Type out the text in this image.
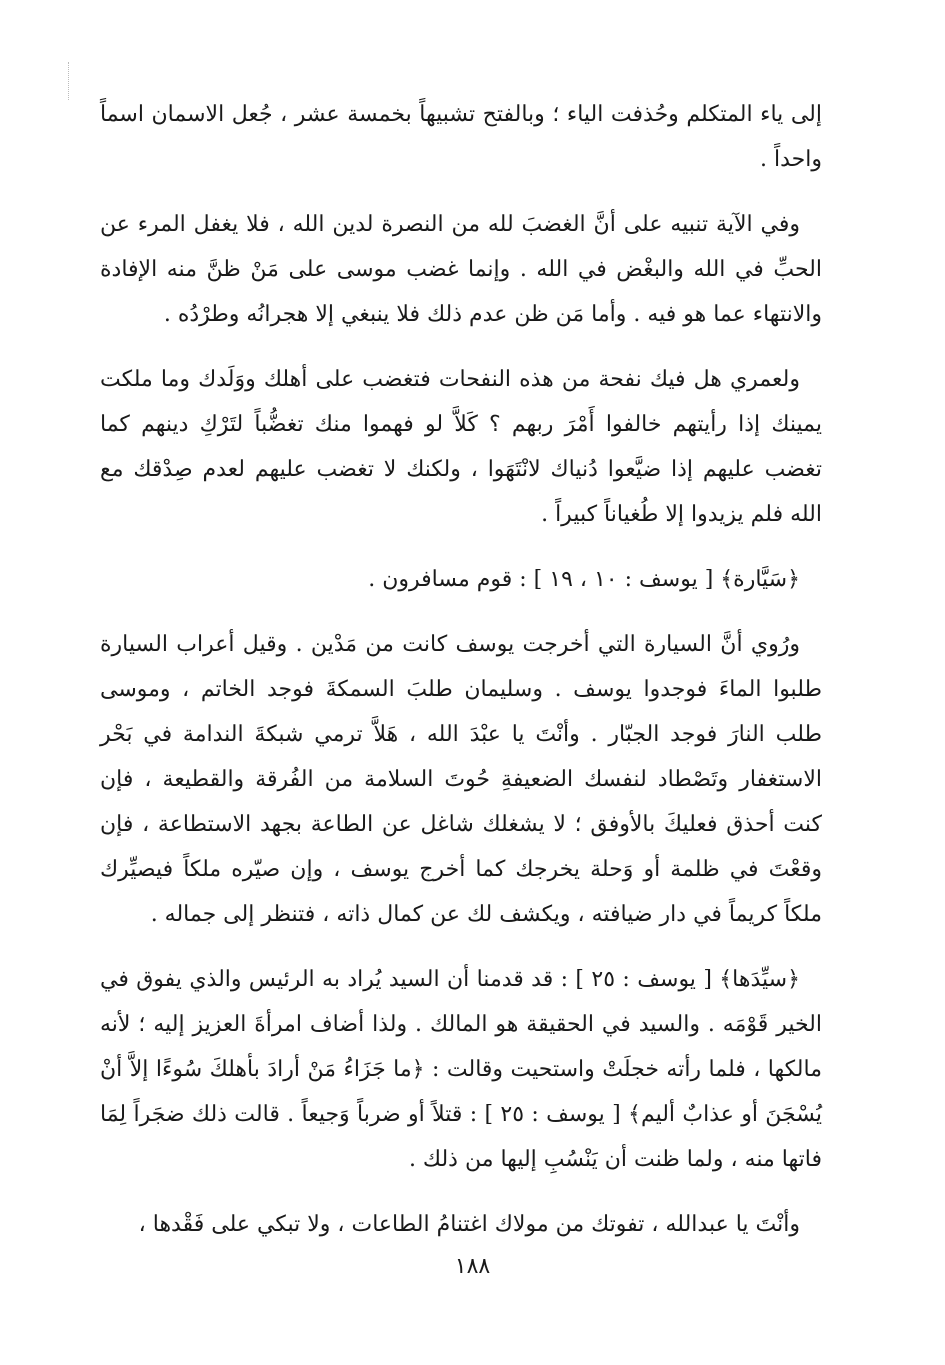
إلى ياء المتكلم وحُذفت الياء ؛ وبالفتح تشبيهاً بخمسة عشر ، جُعل الاسمان اسماً واحداً .

وفي الآية تنبيه على أنَّ الغضبَ لله من النصرة لدين الله ، فلا يغفل المرء عن الحبِّ في الله والبغْض في الله . وإنما غضب موسى على مَنْ ظنَّ منه الإفادة والانتهاء عما هو فيه . وأما مَن ظن عدم ذلك فلا ينبغي إلا هجرانُه وطرْدُه .

ولعمري هل فيك نفحة من هذه النفحات فتغضب على أهلك ووَلَدك وما ملكت يمينك إذا رأيتهم خالفوا أَمْرَ ربهم ؟ كَلاَّ لو فهموا منك تغضُّباً لتَرْكِ دينهم كما تغضب عليهم إذا ضيَّعوا دُنياك لانْتَهَوا ، ولكنك لا تغضب عليهم لعدم صِدْقك مع الله فلم يزيدوا إلا طُغياناً كبيراً .

﴿سَيَّارة﴾ [ يوسف : ١٠ ، ١٩ ] : قوم مسافرون .

ورُوي أنَّ السيارة التي أخرجت يوسف كانت من مَدْين . وقيل أعراب السيارة طلبوا الماءَ فوجدوا يوسف . وسليمان طلبَ السمكةَ فوجد الخاتم ، وموسى طلب النارَ فوجد الجبّار . وأنْتَ يا عبْدَ الله ، هَلاَّ ترمي شبكةَ الندامة في بَحْر الاستغفار وتَصْطاد لنفسك الضعيفةِ حُوتَ السلامة من الفُرقة والقطيعة ، فإن كنت أحذق فعليكَ بالأوفق ؛ لا يشغلك شاغل عن الطاعة بجهد الاستطاعة ، فإن وقعْتَ في ظلمة أو وَحلة يخرجك كما أخرج يوسف ، وإن صيّره ملكاً فيصيِّرك ملكاً كريماً في دار ضيافته ، ويكشف لك عن كمال ذاته ، فتنظر إلى جماله .

﴿سيِّدَها﴾ [ يوسف : ٢٥ ] : قد قدمنا أن السيد يُراد به الرئيس والذي يفوق في الخير قَوْمَه . والسيد في الحقيقة هو المالك . ولذا أضاف امرأةَ العزيز إليه ؛ لأنه مالكها ، فلما رأته خجلَتْ واستحيت وقالت : ﴿ما جَزَاءُ مَنْ أرادَ بأهلكَ سُوءًا إلاَّ أنْ يُسْجَنَ أو عذابٌ أليم﴾ [ يوسف : ٢٥ ] : قتلاً أو ضرباً وَجيعاً . قالت ذلك ضجَراً لِمَا فاتها منه ، ولما ظنت أن يَنْسُبِ إليها من ذلك .

وأنْتَ يا عبدالله ، تفوتك من مولاك اغتنامُ الطاعات ، ولا تبكي على فَقْدها ،

١٨٨
